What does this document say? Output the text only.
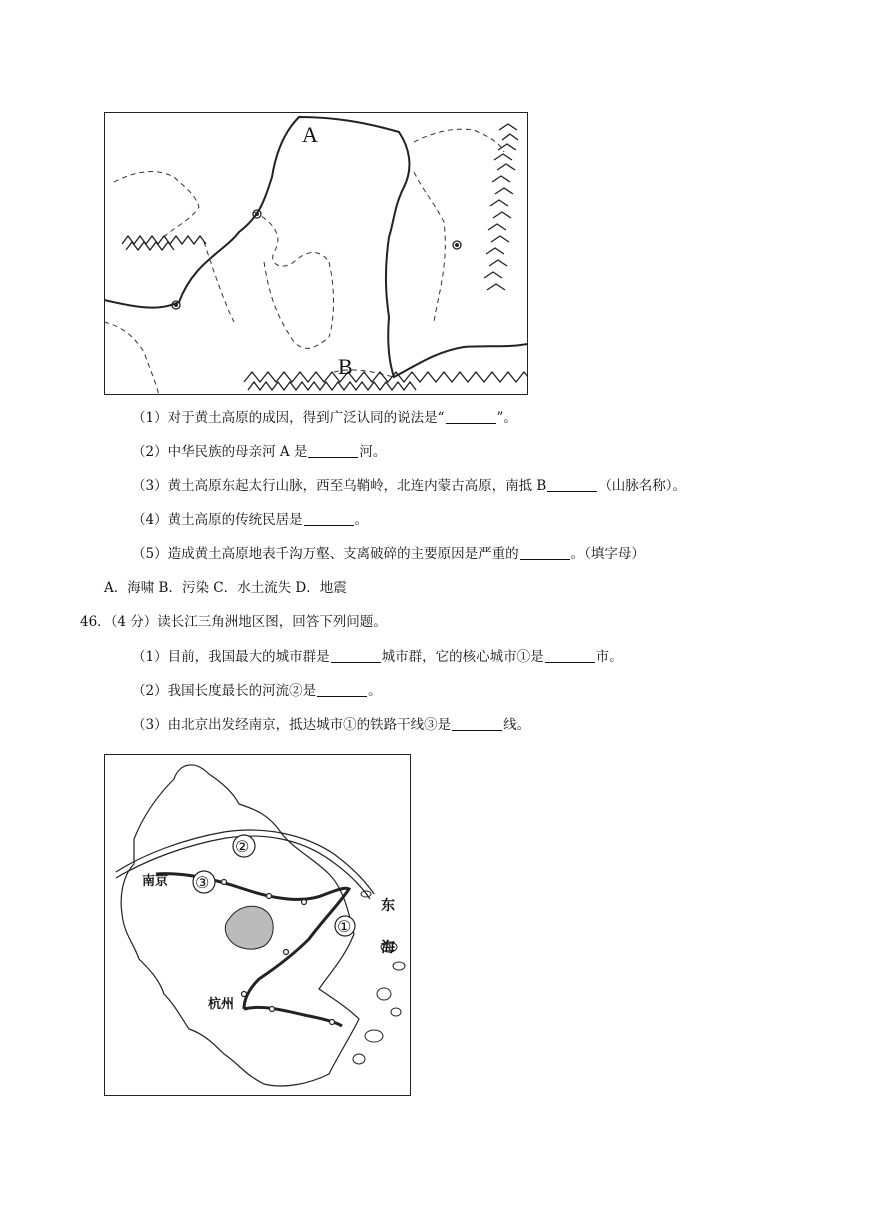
A
B
（1）对于黄土高原的成因，得到广泛认同的说法是“	”。
（2）中华民族的母亲河 A 是	河。
（3）黄土高原东起太行山脉，西至乌鞘岭，北连内蒙古高原，南抵 B	（山脉名称）。
（4）黄土高原的传统民居是	。
（5）造成黄土高原地表千沟万壑、支离破碎的主要原因是严重的	。（填字母）
A．海啸 B．污染 C．水土流失 D．地震
46．（4 分）读长江三角洲地区图，回答下列问题。
（1）目前，我国最大的城市群是	城市群，它的核心城市①是	市。
（2）我国长度最长的河流②是	。
（3）由北京出发经南京，抵达城市①的铁路干线③是	线。
①
②
③
南京
杭州
东
海
